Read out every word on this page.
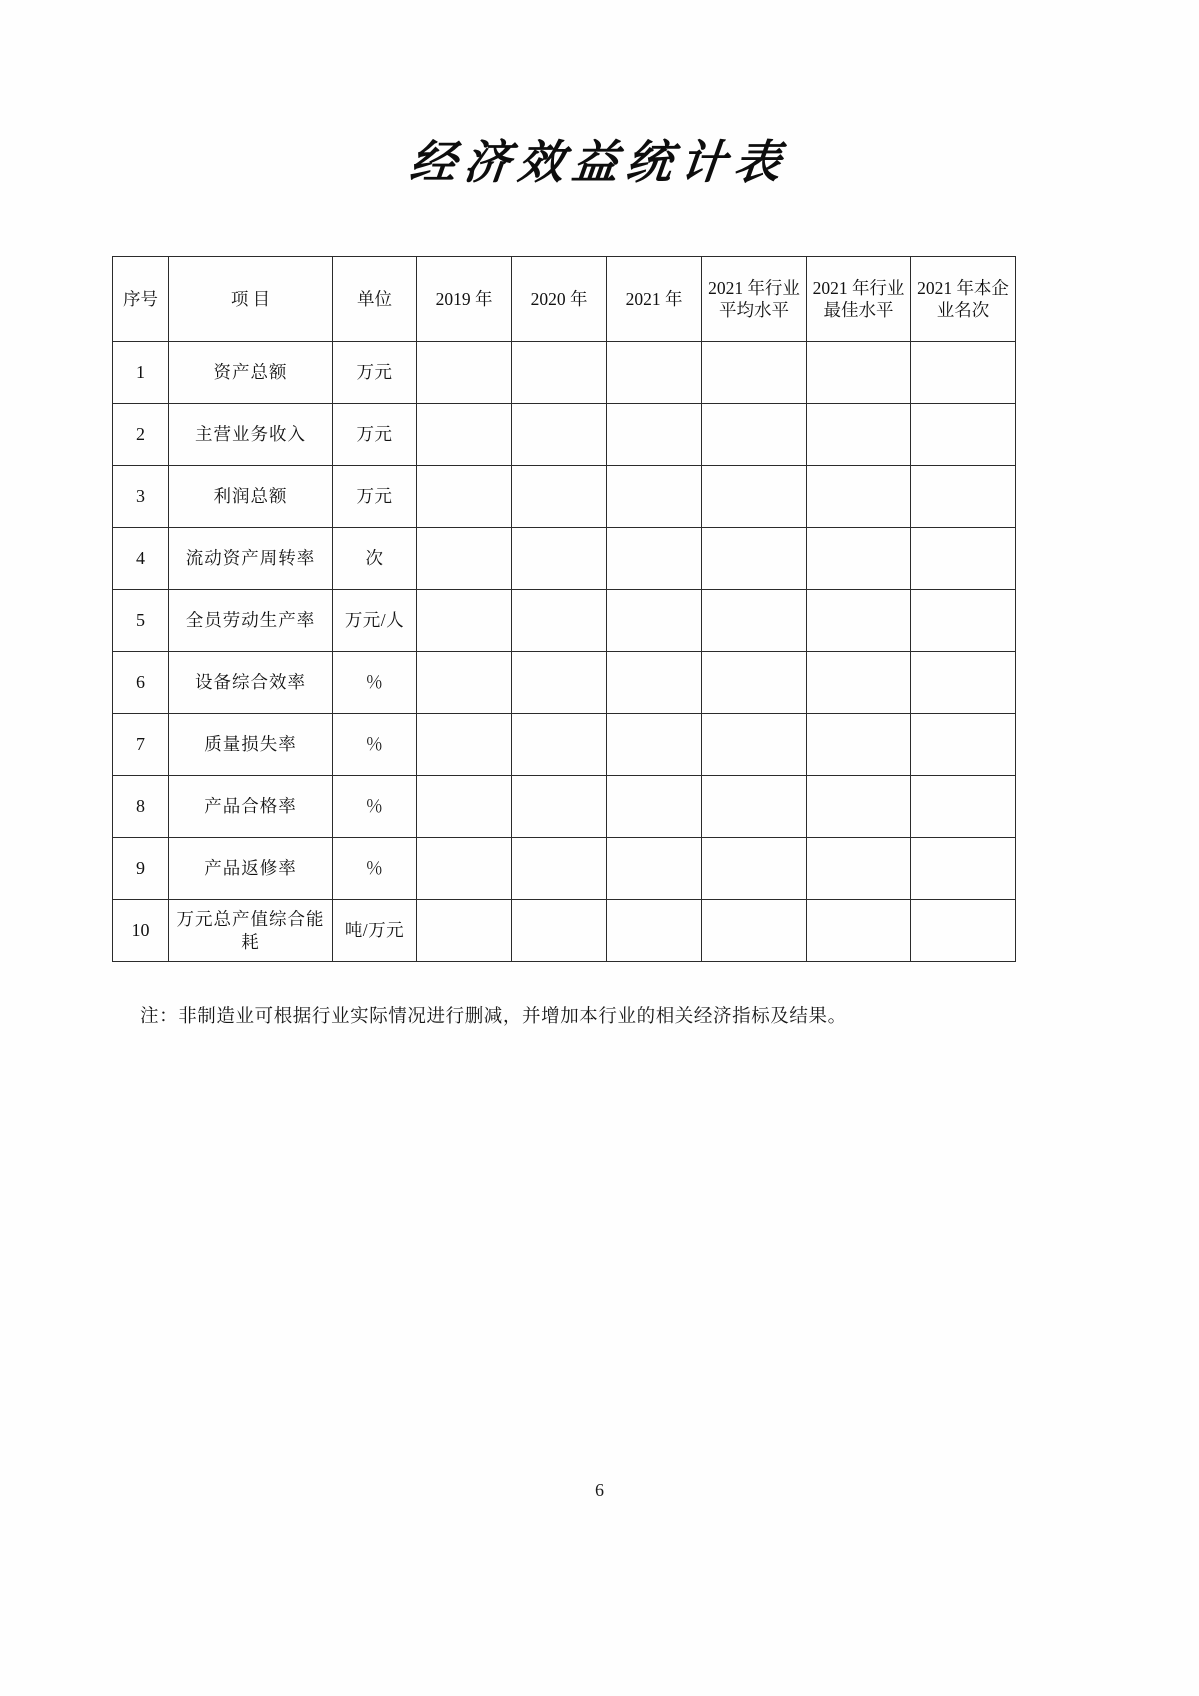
经济效益统计表
序号	项 目	单位	2019 年	2020 年	2021 年	2021 年行业平均水平	2021 年行业最佳水平	2021 年本企业名次
1	资产总额	万元						
2	主营业务收入	万元						
3	利润总额	万元						
4	流动资产周转率	次						
5	全员劳动生产率	万元/人						
6	设备综合效率	％						
7	质量损失率	％						
8	产品合格率	％						
9	产品返修率	％						
10	万元总产值综合能耗	吨/万元						
注：非制造业可根据行业实际情况进行删减，并增加本行业的相关经济指标及结果。
6
